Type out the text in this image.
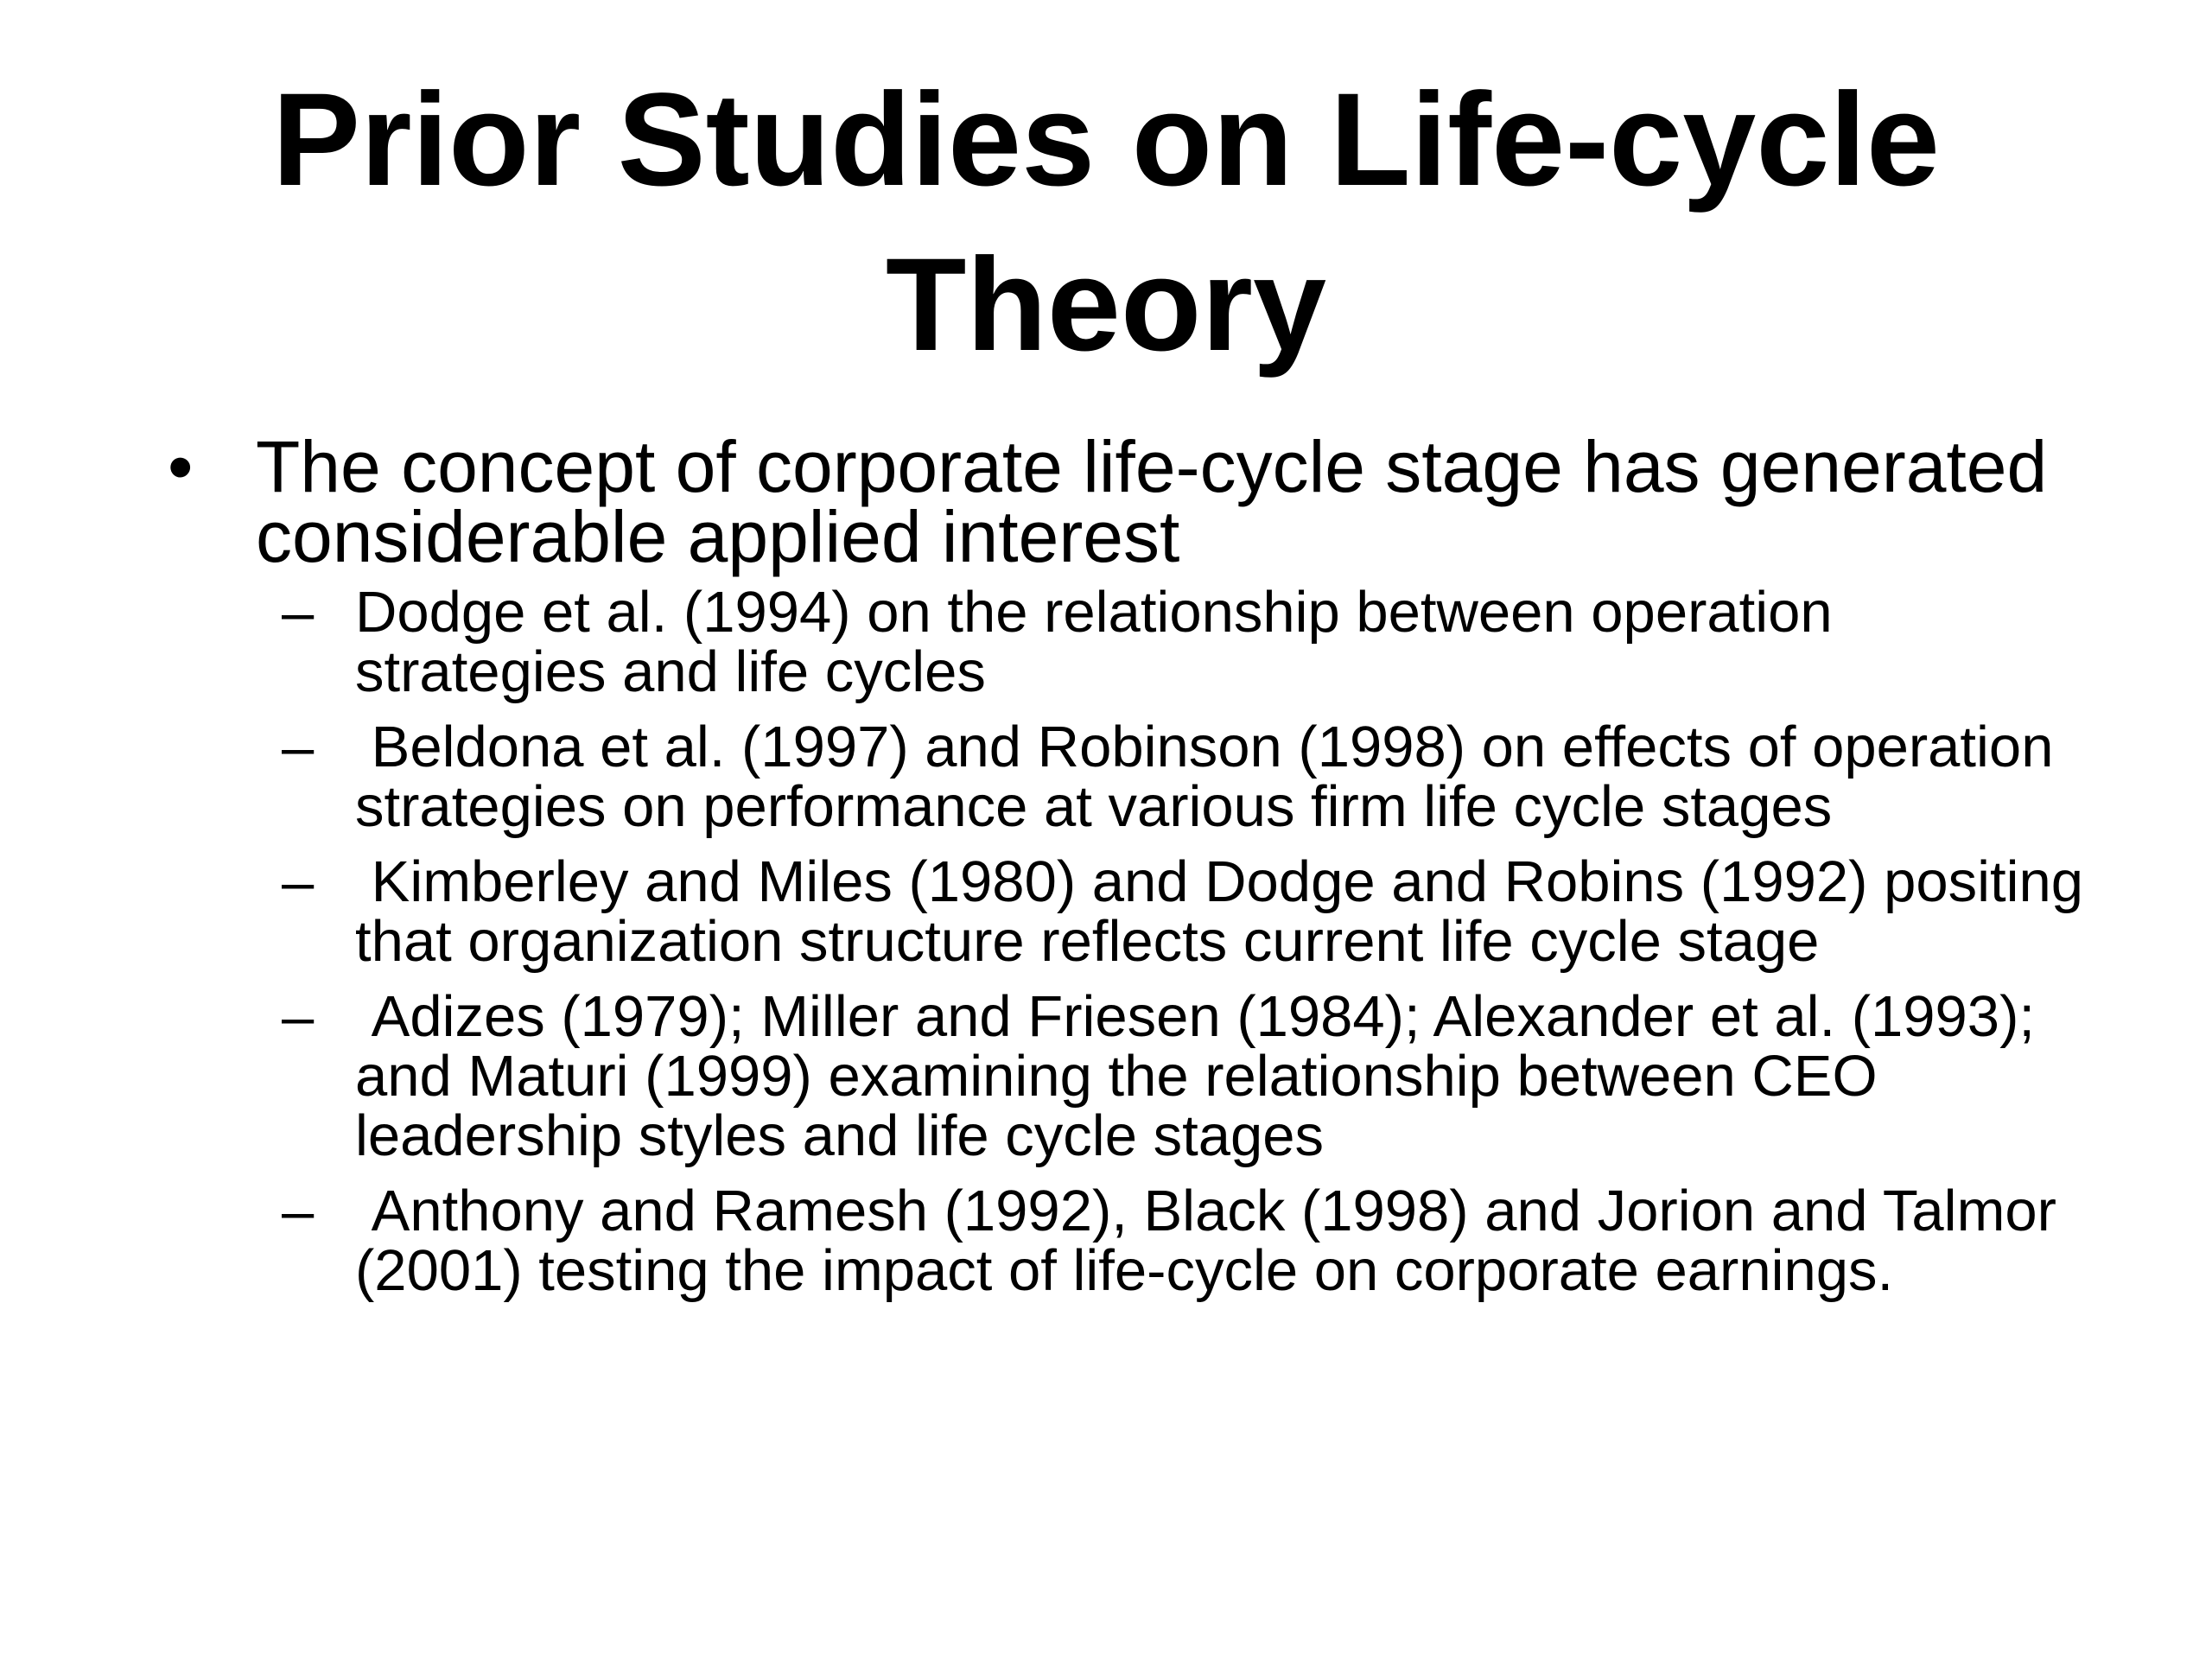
Prior Studies on Life-cycle Theory

• The concept of corporate life-cycle stage has generated considerable applied interest

– Dodge et al. (1994) on the relationship between operation strategies and life cycles
– Beldona et al. (1997) and Robinson (1998) on effects of operation strategies on performance at various firm life cycle stages
– Kimberley and Miles (1980) and Dodge and Robins (1992) positing that organization structure reflects current life cycle stage
– Adizes (1979); Miller and Friesen (1984); Alexander et al. (1993); and Maturi (1999) examining the relationship between CEO leadership styles and life cycle stages
– Anthony and Ramesh (1992), Black (1998) and Jorion and Talmor (2001) testing the impact of life-cycle on corporate earnings.
